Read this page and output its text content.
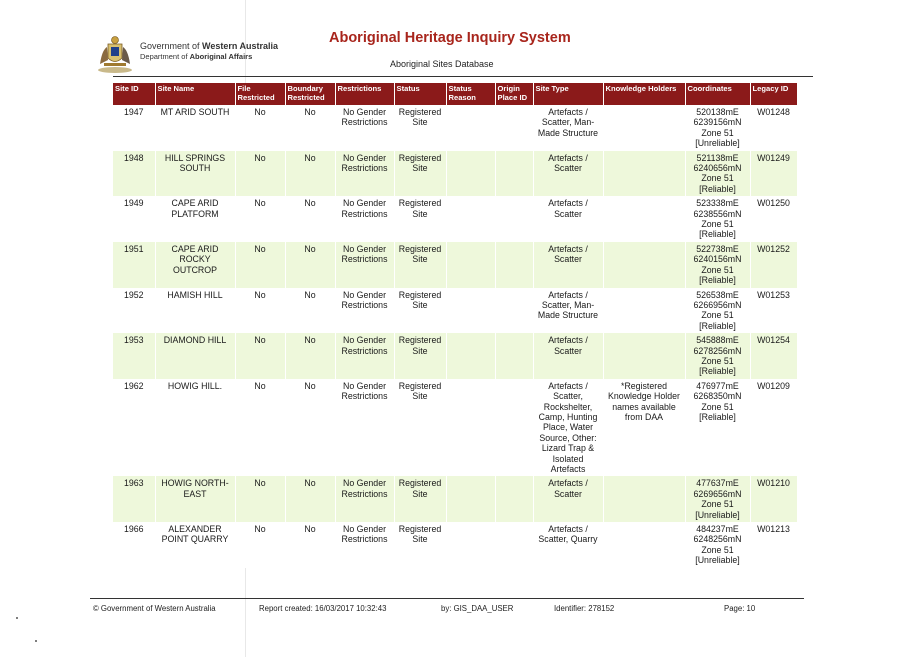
Government of Western Australia
Department of Aboriginal Affairs
Aboriginal Heritage Inquiry System
Aboriginal Sites Database
Site ID	Site Name	File Restricted	Boundary Restricted	Restrictions	Status	Status Reason	Origin Place ID	Site Type	Knowledge Holders	Coordinates	Legacy ID
1947	MT ARID SOUTH	No	No	No Gender Restrictions	Registered Site			Artefacts / Scatter, Man-Made Structure		520138mE
6239156mN
Zone 51
[Unreliable]	W01248
1948	HILL SPRINGS SOUTH	No	No	No Gender Restrictions	Registered Site			Artefacts / Scatter		521138mE
6240656mN
Zone 51
[Reliable]	W01249
1949	CAPE ARID PLATFORM	No	No	No Gender Restrictions	Registered Site			Artefacts / Scatter		523338mE
6238556mN
Zone 51
[Reliable]	W01250
1951	CAPE ARID ROCKY OUTCROP	No	No	No Gender Restrictions	Registered Site			Artefacts / Scatter		522738mE
6240156mN
Zone 51
[Reliable]	W01252
1952	HAMISH HILL	No	No	No Gender Restrictions	Registered Site			Artefacts / Scatter, Man-Made Structure		526538mE
6266956mN
Zone 51
[Reliable]	W01253
1953	DIAMOND HILL	No	No	No Gender Restrictions	Registered Site			Artefacts / Scatter		545888mE
6278256mN
Zone 51
[Reliable]	W01254
1962	HOWIG HILL.	No	No	No Gender Restrictions	Registered Site			Artefacts / Scatter, Rockshelter, Camp, Hunting Place, Water Source, Other: Lizard Trap & Isolated Artefacts	*Registered Knowledge Holder names available from DAA	476977mE
6268350mN
Zone 51
[Reliable]	W01209
1963	HOWIG NORTH-EAST	No	No	No Gender Restrictions	Registered Site			Artefacts / Scatter		477637mE
6269656mN
Zone 51
[Unreliable]	W01210
1966	ALEXANDER POINT QUARRY	No	No	No Gender Restrictions	Registered Site			Artefacts / Scatter, Quarry		484237mE
6248256mN
Zone 51
[Unreliable]	W01213
© Government of Western Australia	Report created: 16/03/2017 10:32:43	by: GIS_DAA_USER	Identifier: 278152	Page: 10
